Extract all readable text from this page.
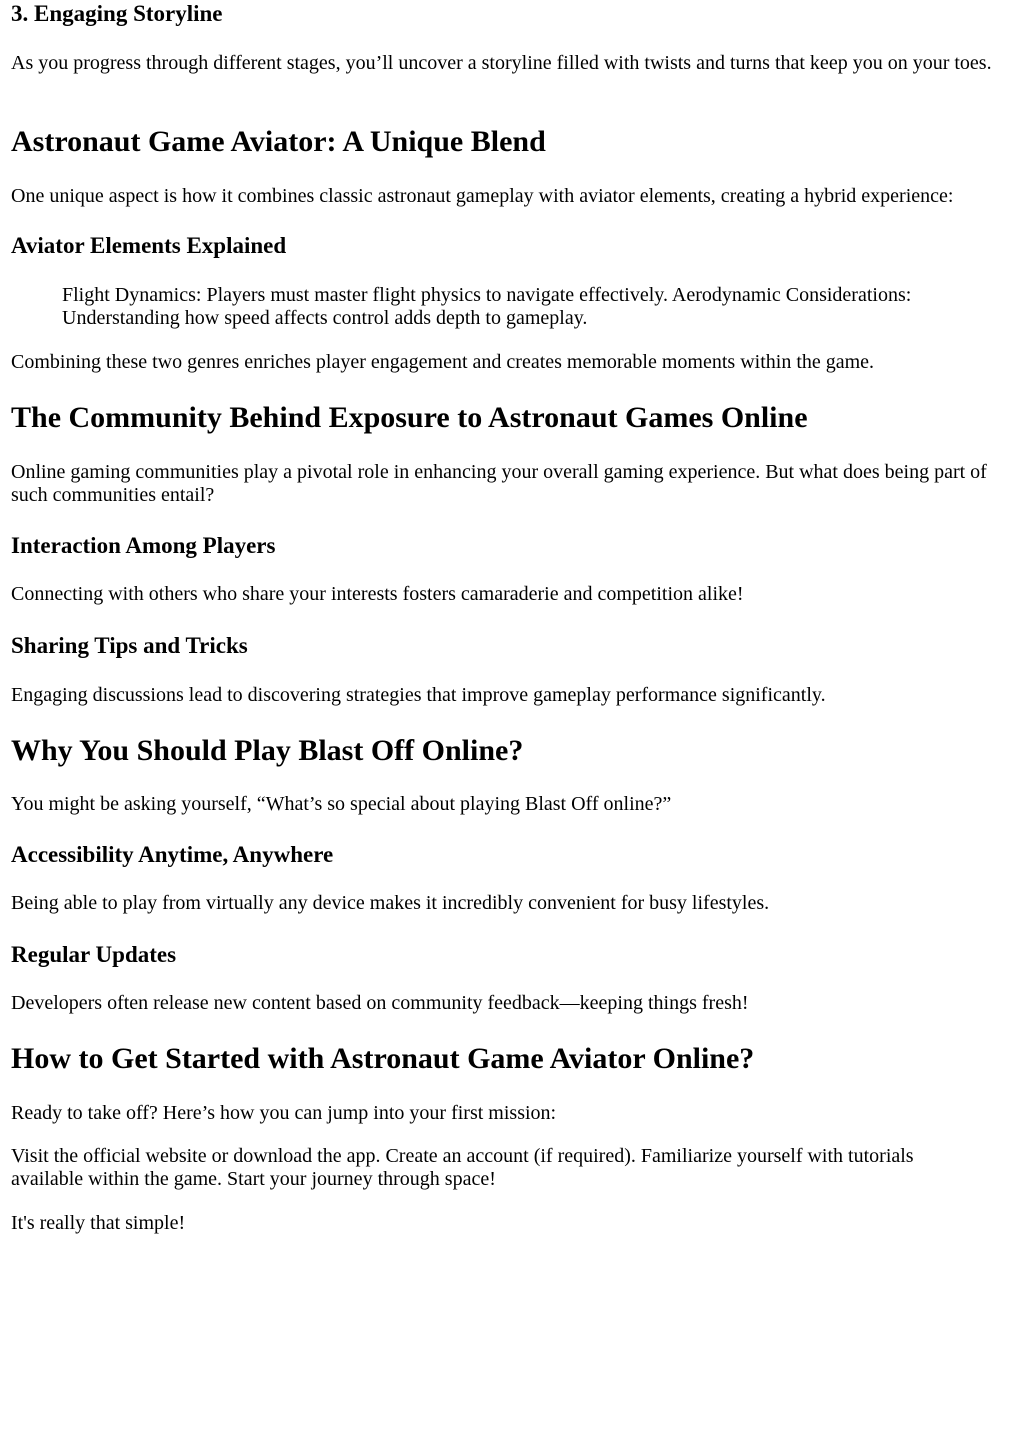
3. Engaging Storyline

As you progress through different stages, you’ll uncover a storyline filled with twists and turns that keep you on your toes.

Astronaut Game Aviator: A Unique Blend

One unique aspect is how it combines classic astronaut gameplay with aviator elements, creating a hybrid experience:

Aviator Elements Explained
Flight Dynamics: Players must master flight physics to navigate effectively. Aerodynamic Considerations: Understanding how speed affects control adds depth to gameplay.

Combining these two genres enriches player engagement and creates memorable moments within the game.

The Community Behind Exposure to Astronaut Games Online

Online gaming communities play a pivotal role in enhancing your overall gaming experience. But what does being part of such communities entail?

Interaction Among Players

Connecting with others who share your interests fosters camaraderie and competition alike!

Sharing Tips and Tricks

Engaging discussions lead to discovering strategies that improve gameplay performance significantly.

Why You Should Play Blast Off Online?

You might be asking yourself, “What’s so special about playing Blast Off online?”

Accessibility Anytime, Anywhere

Being able to play from virtually any device makes it incredibly convenient for busy lifestyles.

Regular Updates

Developers often release new content based on community feedback—keeping things fresh!

How to Get Started with Astronaut Game Aviator Online?

Ready to take off? Here’s how you can jump into your first mission:

Visit the official website or download the app. Create an account (if required). Familiarize yourself with tutorials available within the game. Start your journey through space!

It's really that simple!
